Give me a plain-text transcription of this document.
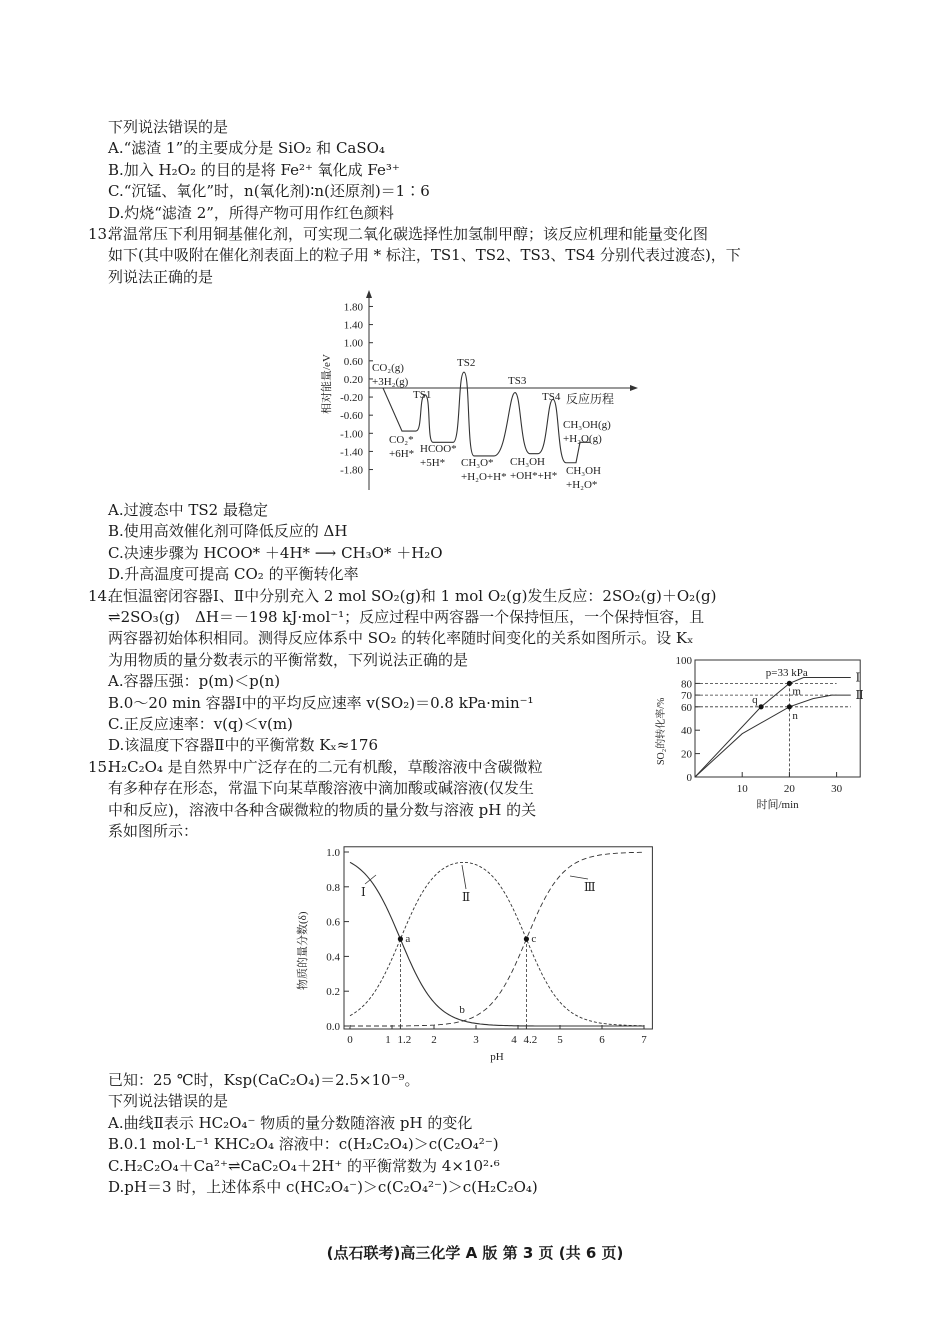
下列说法错误的是
A.“滤渣 1”的主要成分是 SiO₂ 和 CaSO₄
B.加入 H₂O₂ 的目的是将 Fe²⁺ 氧化成 Fe³⁺
C.“沉锰、氧化”时，n(氧化剂)∶n(还原剂)＝1∶6
D.灼烧“滤渣 2”，所得产物可用作红色颜料
13.
常温常压下利用铜基催化剂，可实现二氧化碳选择性加氢制甲醇；该反应机理和能量变化图
如下(其中吸附在催化剂表面上的粒子用 * 标注，TS1、TS2、TS3、TS4 分别代表过渡态)，下
列说法正确的是
1.80
1.40
1.00
0.60
0.20
-0.20
-0.60
-1.00
-1.40
-1.80
相对能量/eV	反应历程
CO₂(g)
+3H₂(g)
CO₂*
+6H*
TS1
HCOO*
+5H*
TS2
CH₃O*
+H₂O+H*
TS3
CH₃OH
+OH*+H*
TS4
CH₃OH
+H₂O*
CH₃OH(g)
+H₂O(g)
A.过渡态中 TS2 最稳定
B.使用高效催化剂可降低反应的 ΔH
C.决速步骤为 HCOO* ＋4H* ⟶ CH₃O* ＋H₂O
D.升高温度可提高 CO₂ 的平衡转化率
14.
在恒温密闭容器Ⅰ、Ⅱ中分别充入 2 mol SO₂(g)和 1 mol O₂(g)发生反应：2SO₂(g)＋O₂(g)
⇌2SO₃(g)　ΔH＝－198 kJ·mol⁻¹；反应过程中两容器一个保持恒压，一个保持恒容，且
两容器初始体积相同。测得反应体系中 SO₂ 的转化率随时间变化的关系如图所示。设 Kₓ
为用物质的量分数表示的平衡常数，下列说法正确的是
A.容器压强：p(m)＜p(n)
B.0～20 min 容器Ⅰ中的平均反应速率 v(SO₂)＝0.8 kPa·min⁻¹
C.正反应速率：v(q)＜v(m)
D.该温度下容器Ⅱ中的平衡常数 Kₓ≈176
15.
H₂C₂O₄ 是自然界中广泛存在的二元有机酸，草酸溶液中含碳微粒
有多种存在形态，常温下向某草酸溶液中滴加酸或碱溶液(仅发生
中和反应)，溶液中各种含碳微粒的物质的量分数与溶液 pH 的关
系如图所示：
0
20
40
60
70
80
100
10	20	30
时间/min
SO₂的转化率/%
Ⅰ
Ⅱ
p=33 kPa
q
m
n
0.0
0.2
0.4
0.6
0.8
1.0
0	1 1.2 2	3	4 4.2 5	6	7
pH
物质的量分数(δ)
Ⅰ	Ⅱ
Ⅲ
a
b
c
已知：25 ℃时，Ksp(CaC₂O₄)＝2.5×10⁻⁹。
下列说法错误的是
A.曲线Ⅱ表示 HC₂O₄⁻ 物质的量分数随溶液 pH 的变化
B.0.1 mol·L⁻¹ KHC₂O₄ 溶液中：c(H₂C₂O₄)＞c(C₂O₄²⁻)
C.H₂C₂O₄＋Ca²⁺⇌CaC₂O₄＋2H⁺ 的平衡常数为 4×10²·⁶
D.pH＝3 时，上述体系中 c(HC₂O₄⁻)＞c(C₂O₄²⁻)＞c(H₂C₂O₄)
(点石联考)高三化学 A 版 第 3 页 (共 6 页)
